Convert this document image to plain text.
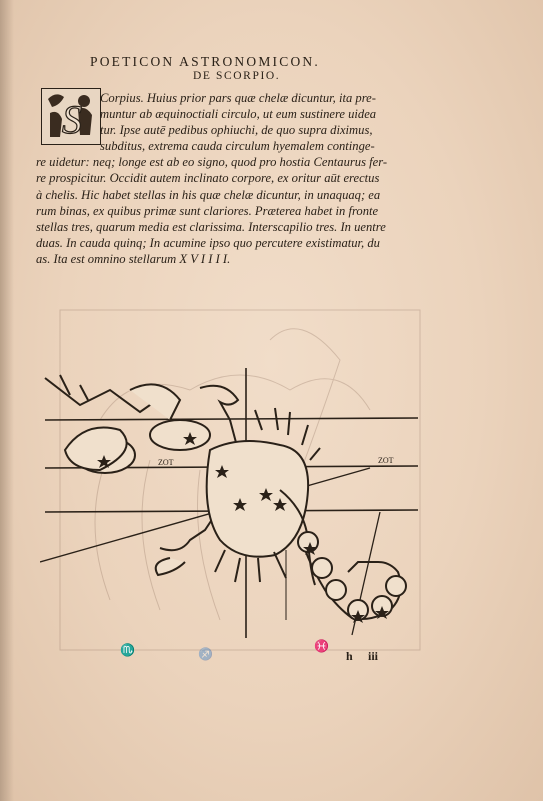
POETICON ASTRONOMICON.
DE SCORPIO.
S	Corpius. Huius prior pars quæ chelæ dicuntur, ita pre-
muntur ab æquinoctiali circulo, ut eum sustinere uidea
tur. Ipse autē pedibus ophiuchi, de quo supra diximus,
subditus, extrema cauda circulum hyemalem continge-
re uidetur: neq; longe est ab eo signo, quod pro hostia Centaurus fer-
re prospicitur. Occidit autem inclinato corpore, ex oritur aūt erectus
à chelis. Hic habet stellas in his quæ chelæ dicuntur, in unaquaq; ea
rum binas, ex quibus primæ sunt clariores. Præterea habet in fronte
stellas tres, quarum media est clarissima. Interscapilio tres. In uentre
duas. In cauda quinq; In acumine ipso quo percutere existimatur, du
as. Ita est omnino stellarum X V I I I I.
ZOT	ZOT
♏	♐
♓
h iii
